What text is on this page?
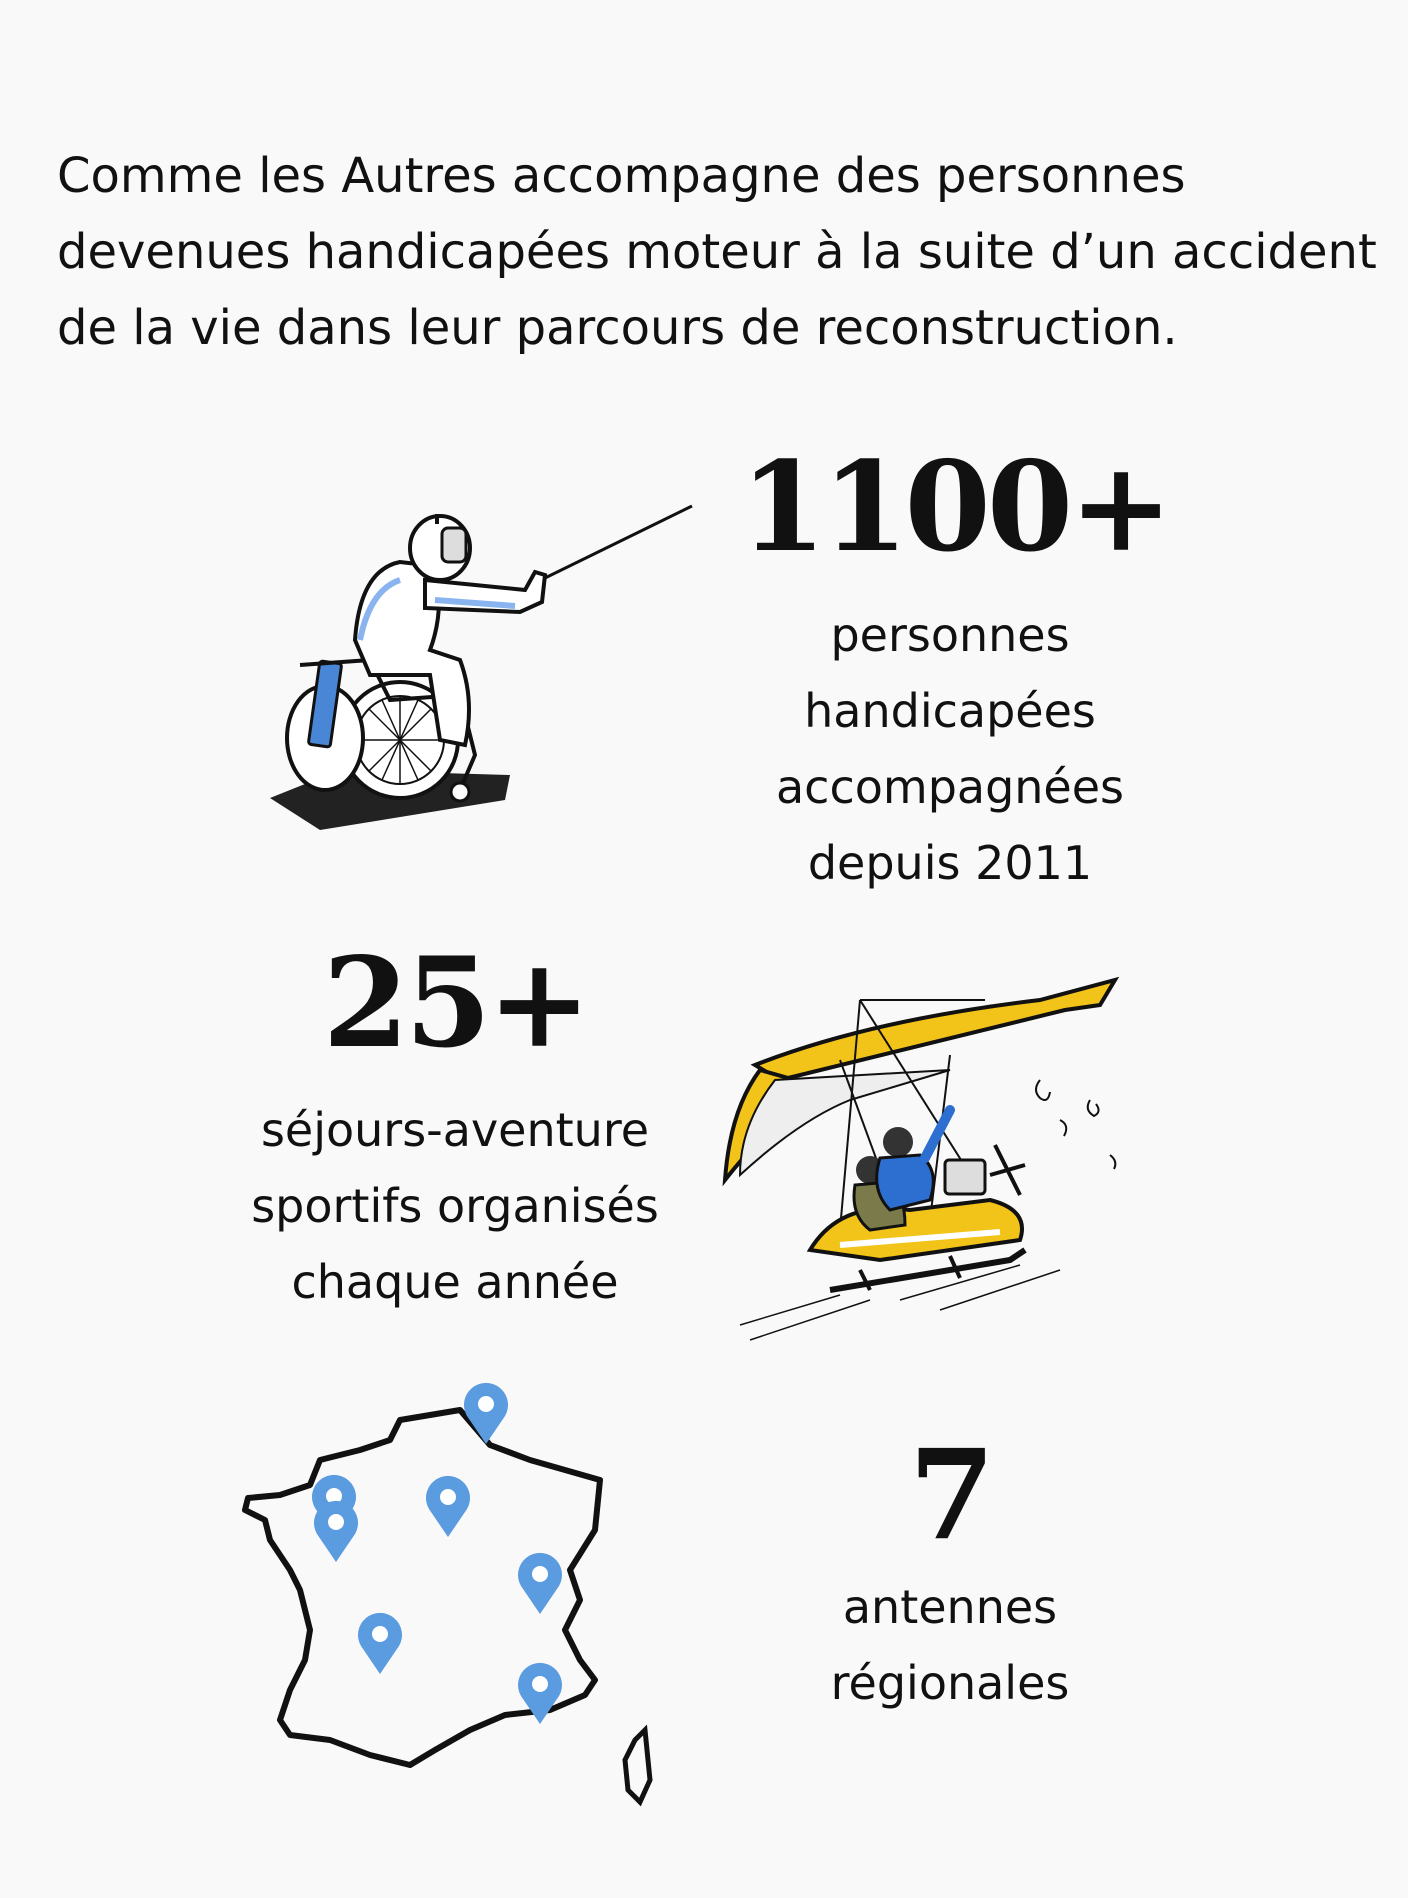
Comme les Autres accompagne des personnes
devenues handicapées moteur à la suite d’un accident
de la vie dans leur parcours de reconstruction.

1100+

personnes
handicapées
accompagnées
depuis 2011

25+

séjours-aventure
sportifs organisés
chaque année

7

antennes
régionales
